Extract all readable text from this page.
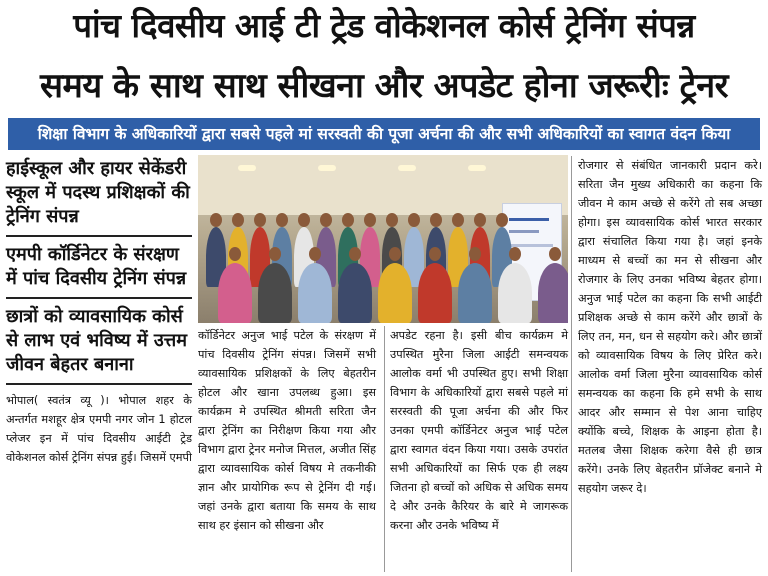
पांच दिवसीय आई टी ट्रेड वोकेशनल कोर्स ट्रेनिंग संपन्न
समय के साथ साथ सीखना और अपडेट होना जरूरीः ट्रेनर
शिक्षा विभाग के अधिकारियों द्वारा सबसे पहले मां सरस्वती की पूजा अर्चना की और सभी अधिकारियों का स्वागत वंदन किया
हाईस्कूल और हायर सेकेंडरी स्कूल में पदस्थ प्रशिक्षकों की ट्रेनिंग संपन्न
एमपी कॉर्डिनेटर के संरक्षण में पांच दिवसीय ट्रेनिंग संपन्न
छात्रों को व्यावसायिक कोर्स से लाभ एवं भविष्य में उत्तम जीवन बेहतर बनाना
भोपाल( स्वतंत्र व्यू )। भोपाल शहर के अन्तर्गत मशहूर क्षेत्र एमपी नगर जोन 1 होटल प्लेजर इन में पांच दिवसीय आईटी ट्रेड वोकेशनल कोर्स ट्रेनिंग संपन्न हुई। जिसमें एमपी
कॉर्डिनेटर अनुज भाई पटेल के संरक्षण में पांच दिवसीय ट्रेनिंग संपन्न। जिसमें सभी व्यावसायिक प्रशिक्षकों के लिए बेहतरीन होटल और खाना उपलब्ध हुआ। इस कार्यक्रम मे उपस्थित श्रीमती सरिता जैन द्वारा ट्रेनिंग का निरीक्षण किया गया और विभाग द्वारा ट्रेनर मनोज मित्तल, अजीत सिंह द्वारा व्यावसायिक कोर्स विषय मे तकनीकी ज्ञान और प्रायोगिक रूप से ट्रेनिंग दी गई। जहां उनके द्वारा बताया कि समय के साथ साथ हर इंसान को सीखना और
अपडेट रहना है। इसी बीच कार्यक्रम मे उपस्थित मुरैना जिला आईटी समन्वयक आलोक वर्मा भी उपस्थित हुए। सभी शिक्षा विभाग के अधिकारियों द्वारा सबसे पहले मां सरस्वती की पूजा अर्चना की और फिर उनका एमपी कॉर्डिनेटर अनुज भाई पटेल द्वारा स्वागत वंदन किया गया। उसके उपरांत सभी अधिकारियों का सिर्फ एक ही लक्ष्य जितना हो बच्चों को अधिक से अधिक समय दे और उनके कैरियर के बारे मे जागरूक करना और उनके भविष्य में
रोजगार से संबंधित जानकारी प्रदान करे। सरिता जैन मुख्य अधिकारी का कहना कि जीवन मे काम अच्छे से करेंगे तो सब अच्छा होगा। इस व्यावसायिक कोर्स भारत सरकार द्वारा संचालित किया गया है। जहां इनके माध्यम से बच्चों का मन से सीखना और रोजगार के लिए उनका भविष्य बेहतर होगा।अनुज भाई पटेल का कहना कि सभी आईटी प्रशिक्षक अच्छे से काम करेंगे और छात्रों के लिए तन, मन, धन से सहयोग करे। और छात्रों को व्यावसायिक विषय के लिए प्रेरित करे।आलोक वर्मा जिला मुरैना व्यावसायिक कोर्स समन्वयक का कहना कि हमे सभी के साथ आदर और सम्मान से पेश आना चाहिए क्योंकि बच्चे, शिक्षक के आइना होता है। मतलब जैसा शिक्षक करेगा वैसे ही छात्र करेंगे। उनके लिए बेहतरीन प्रॉजेक्ट बनाने मे सहयोग जरूर दे।
